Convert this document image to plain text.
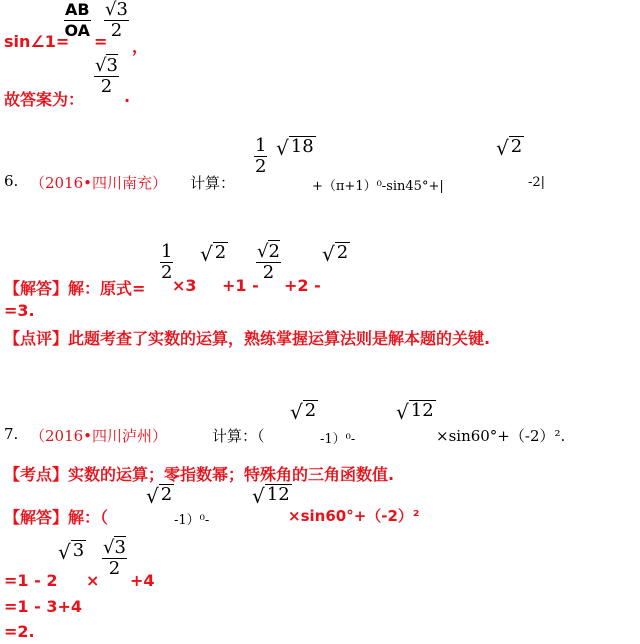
sin∠1=
$\frac{AB}{OA}$
=
$\frac{√3}{2}$
，
故答案为：
$\frac{√3}{2}$ .
6. （2016•四川南充） 计算：
$\frac{1}{2}$ √ 18
+（π+1）⁰-sin45°+|
√ 2
-2|
【解答】解：原式=
$\frac{1}{2}$
×3
√ 2
+1 -
$\frac{√2}{2}$
+2 -
√ 2
=3.
【点评】此题考查了实数的运算，熟练掌握运算法则是解本题的关键.
7. （2016•四川泸州）	计算：（
√ 2
-1）⁰-
√ 12
×sin60°+（-2）².
【考点】实数的运算；零指数幂；特殊角的三角函数值.
【解答】解：（
√ 2
-1）⁰-
√ 12
×sin60°+（-2）²
=1 - 2
√ 3
×
$\frac{√3}{2}$
+4
=1 - 3+4
=2.
